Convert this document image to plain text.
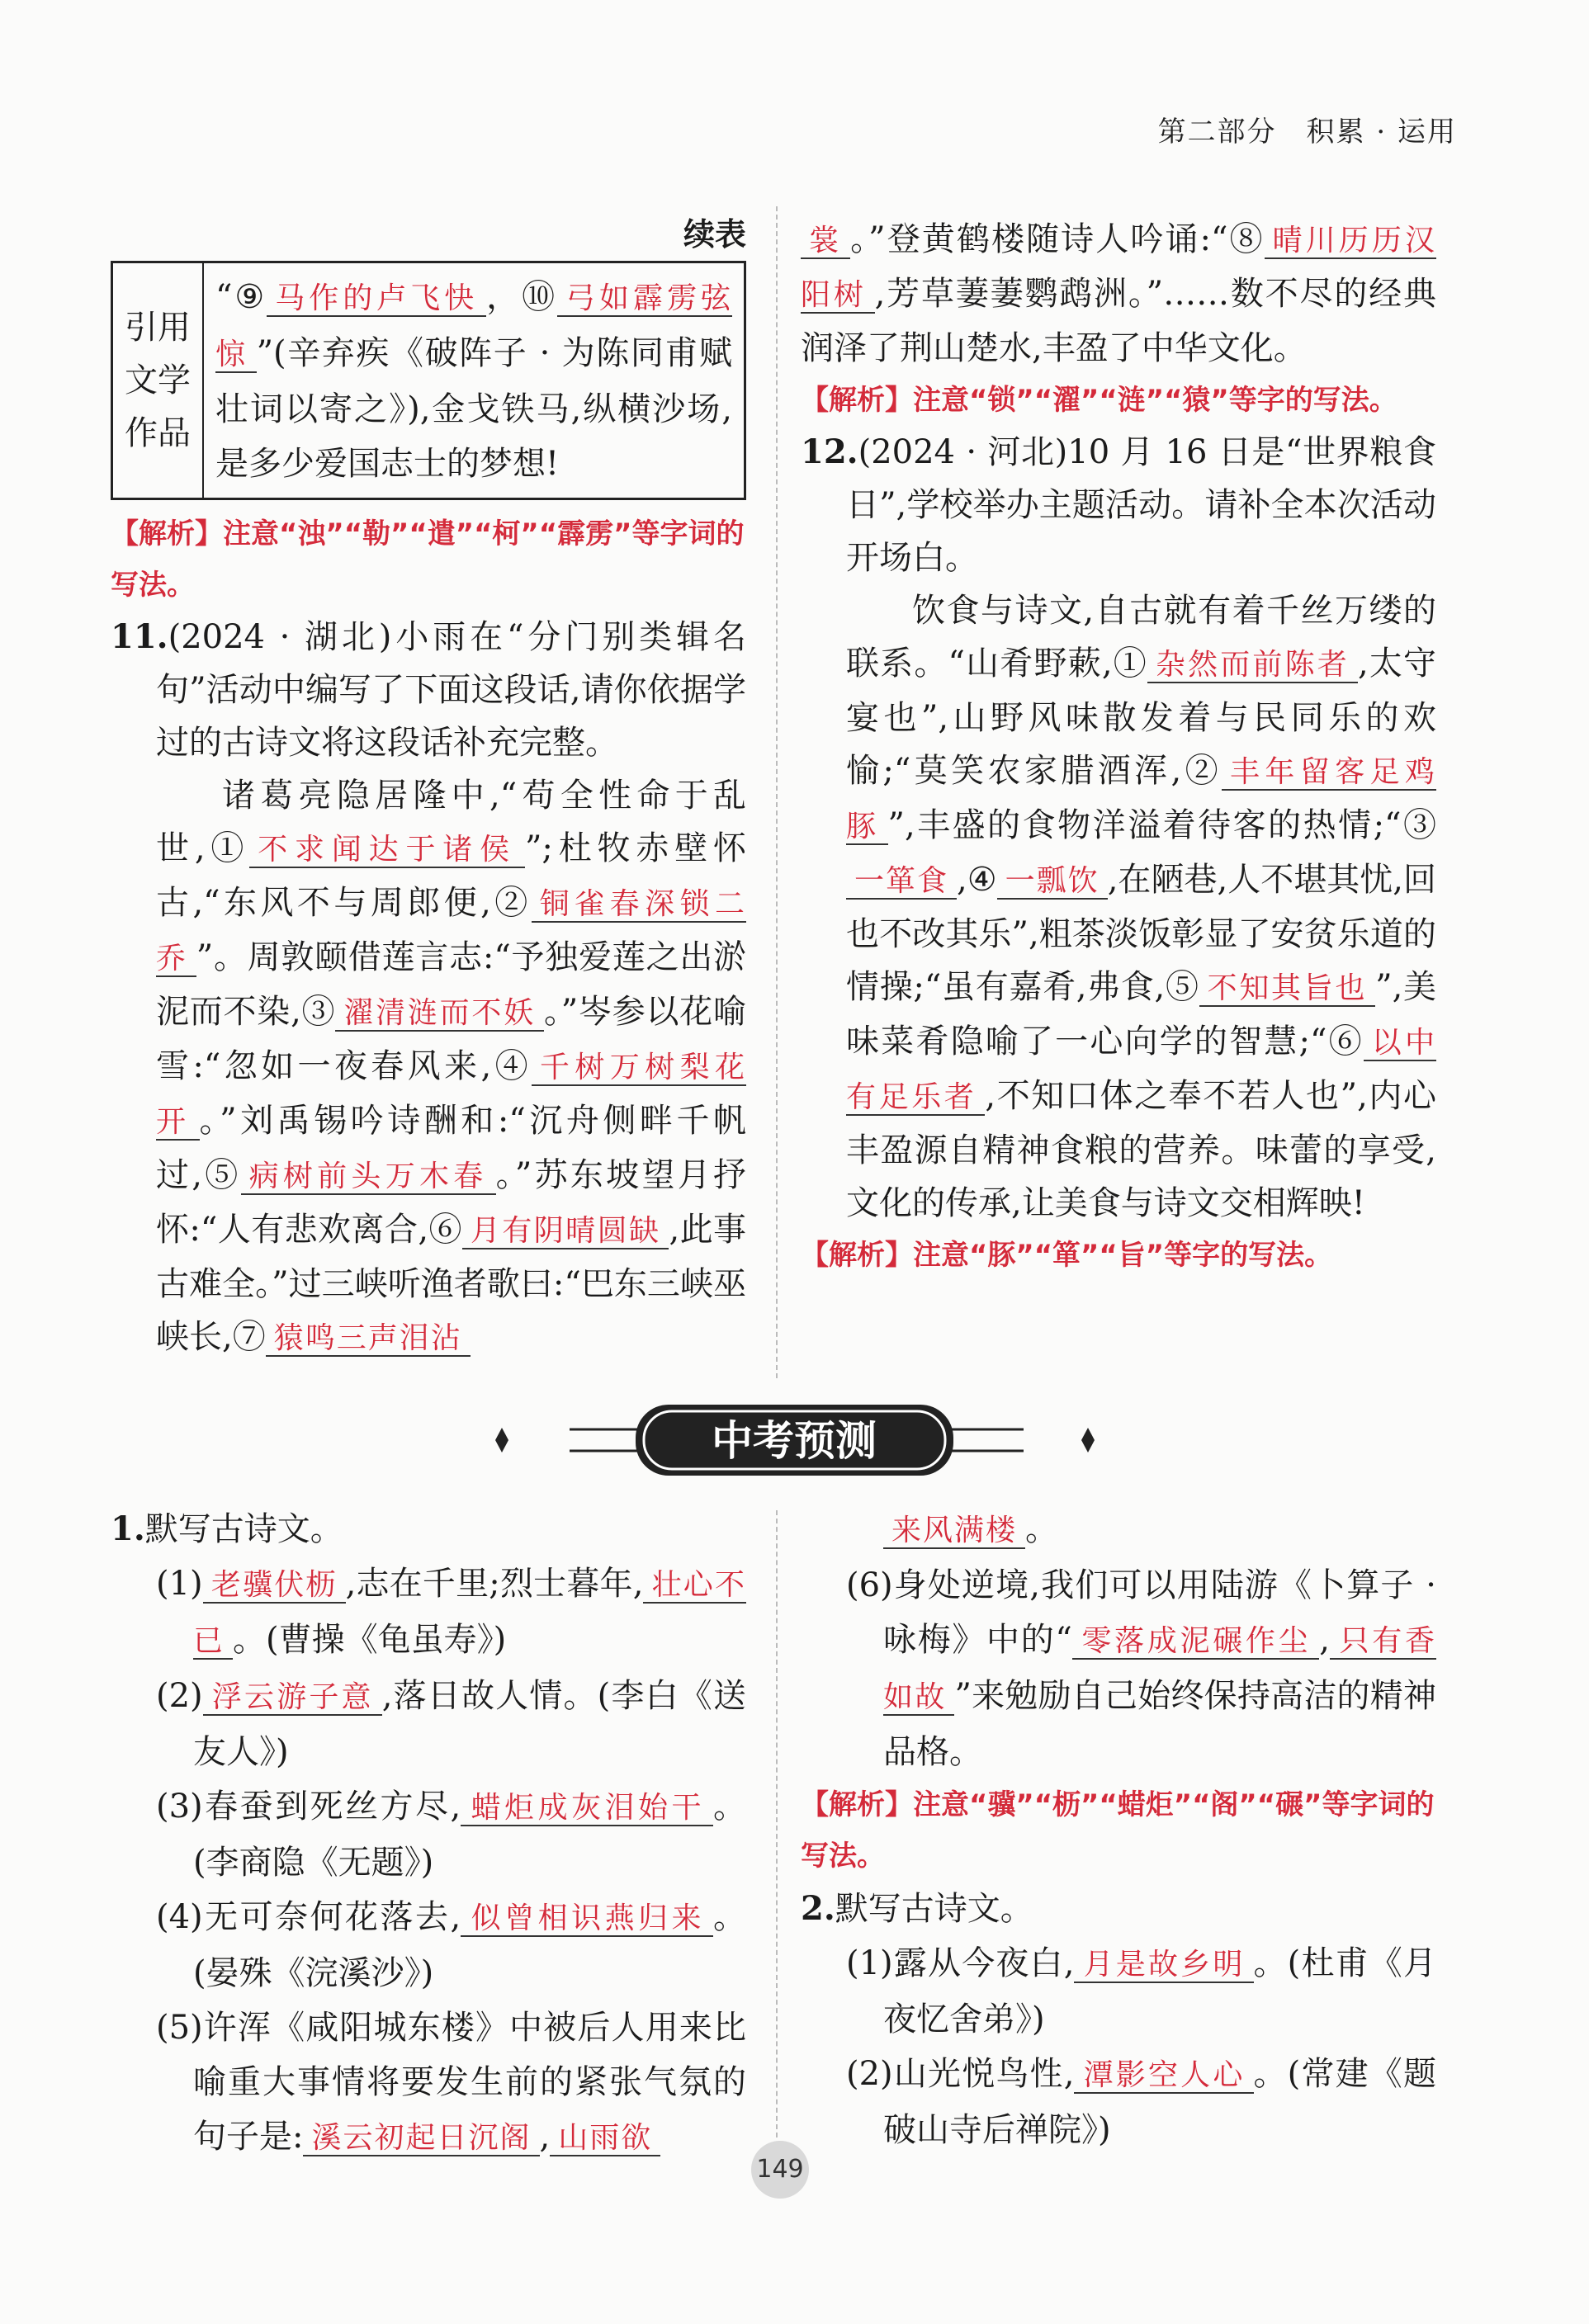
第二部分　积累 · 运用

续表

引用文学作品	“⑨ 马作的卢飞快 ，⑩ 弓如霹雳弦惊 ”(辛弃疾《破阵子 · 为陈同甫赋壮词以寄之》),金戈铁马,纵横沙场,是多少爱国志士的梦想!

【解析】注意“浊”“勒”“遣”“柯”“霹雳”等字词的写法。

11.(2024 · 湖北)小雨在“分门别类辑名句”活动中编写了下面这段话,请你依据学过的古诗文将这段话补充完整。

诸葛亮隐居隆中,“苟全性命于乱世,① 不求闻达于诸侯 ”;杜牧赤壁怀古,“东风不与周郎便,② 铜雀春深锁二乔 ”。周敦颐借莲言志:“予独爱莲之出淤泥而不染,③ 濯清涟而不妖 。”岑参以花喻雪:“忽如一夜春风来,④ 千树万树梨花开 。”刘禹锡吟诗酬和:“沉舟侧畔千帆过,⑤ 病树前头万木春 。”苏东坡望月抒怀:“人有悲欢离合,⑥ 月有阴晴圆缺 ,此事古难全。”过三峡听渔者歌曰:“巴东三峡巫峡长,⑦ 猿鸣三声泪沾

裳 。”登黄鹤楼随诗人吟诵:“⑧ 晴川历历汉阳树 ,芳草萋萋鹦鹉洲。”……数不尽的经典润泽了荆山楚水,丰盈了中华文化。

【解析】注意“锁”“濯”“涟”“猿”等字的写法。

12.(2024 · 河北)10 月 16 日是“世界粮食日”,学校举办主题活动。请补全本次活动开场白。

饮食与诗文,自古就有着千丝万缕的联系。“山肴野蔌,① 杂然而前陈者 ,太守宴也”,山野风味散发着与民同乐的欢愉;“莫笑农家腊酒浑,② 丰年留客足鸡豚 ”,丰盛的食物洋溢着待客的热情;“③一箪食 ,④ 一瓢饮 ,在陋巷,人不堪其忧,回也不改其乐”,粗茶淡饭彰显了安贫乐道的情操;“虽有嘉肴,弗食,⑤ 不知其旨也 ”,美味菜肴隐喻了一心向学的智慧;“⑥ 以中有足乐者 ,不知口体之奉不若人也”,内心丰盈源自精神食粮的营养。味蕾的享受,文化的传承,让美食与诗文交相辉映!

【解析】注意“豚”“箪”“旨”等字的写法。

中考预测

1.默写古诗文。

(1) 老骥伏枥 ,志在千里;烈士暮年, 壮心不已 。(曹操《龟虽寿》)

(2) 浮云游子意 ,落日故人情。(李白《送友人》)

(3)春蚕到死丝方尽, 蜡炬成灰泪始干 。(李商隐《无题》)

(4)无可奈何花落去, 似曾相识燕归来 。(晏殊《浣溪沙》)

(5)许浑《咸阳城东楼》中被后人用来比喻重大事情将要发生前的紧张气氛的句子是: 溪云初起日沉阁 , 山雨欲

来风满楼 。

(6)身处逆境,我们可以用陆游《卜算子 · 咏梅》中的“ 零落成泥碾作尘 , 只有香如故 ”来勉励自己始终保持高洁的精神品格。

【解析】注意“骥”“枥”“蜡炬”“阁”“碾”等字词的写法。

2.默写古诗文。

(1)露从今夜白, 月是故乡明 。(杜甫《月夜忆舍弟》)

(2)山光悦鸟性, 潭影空人心 。(常建《题破山寺后禅院》)

149
